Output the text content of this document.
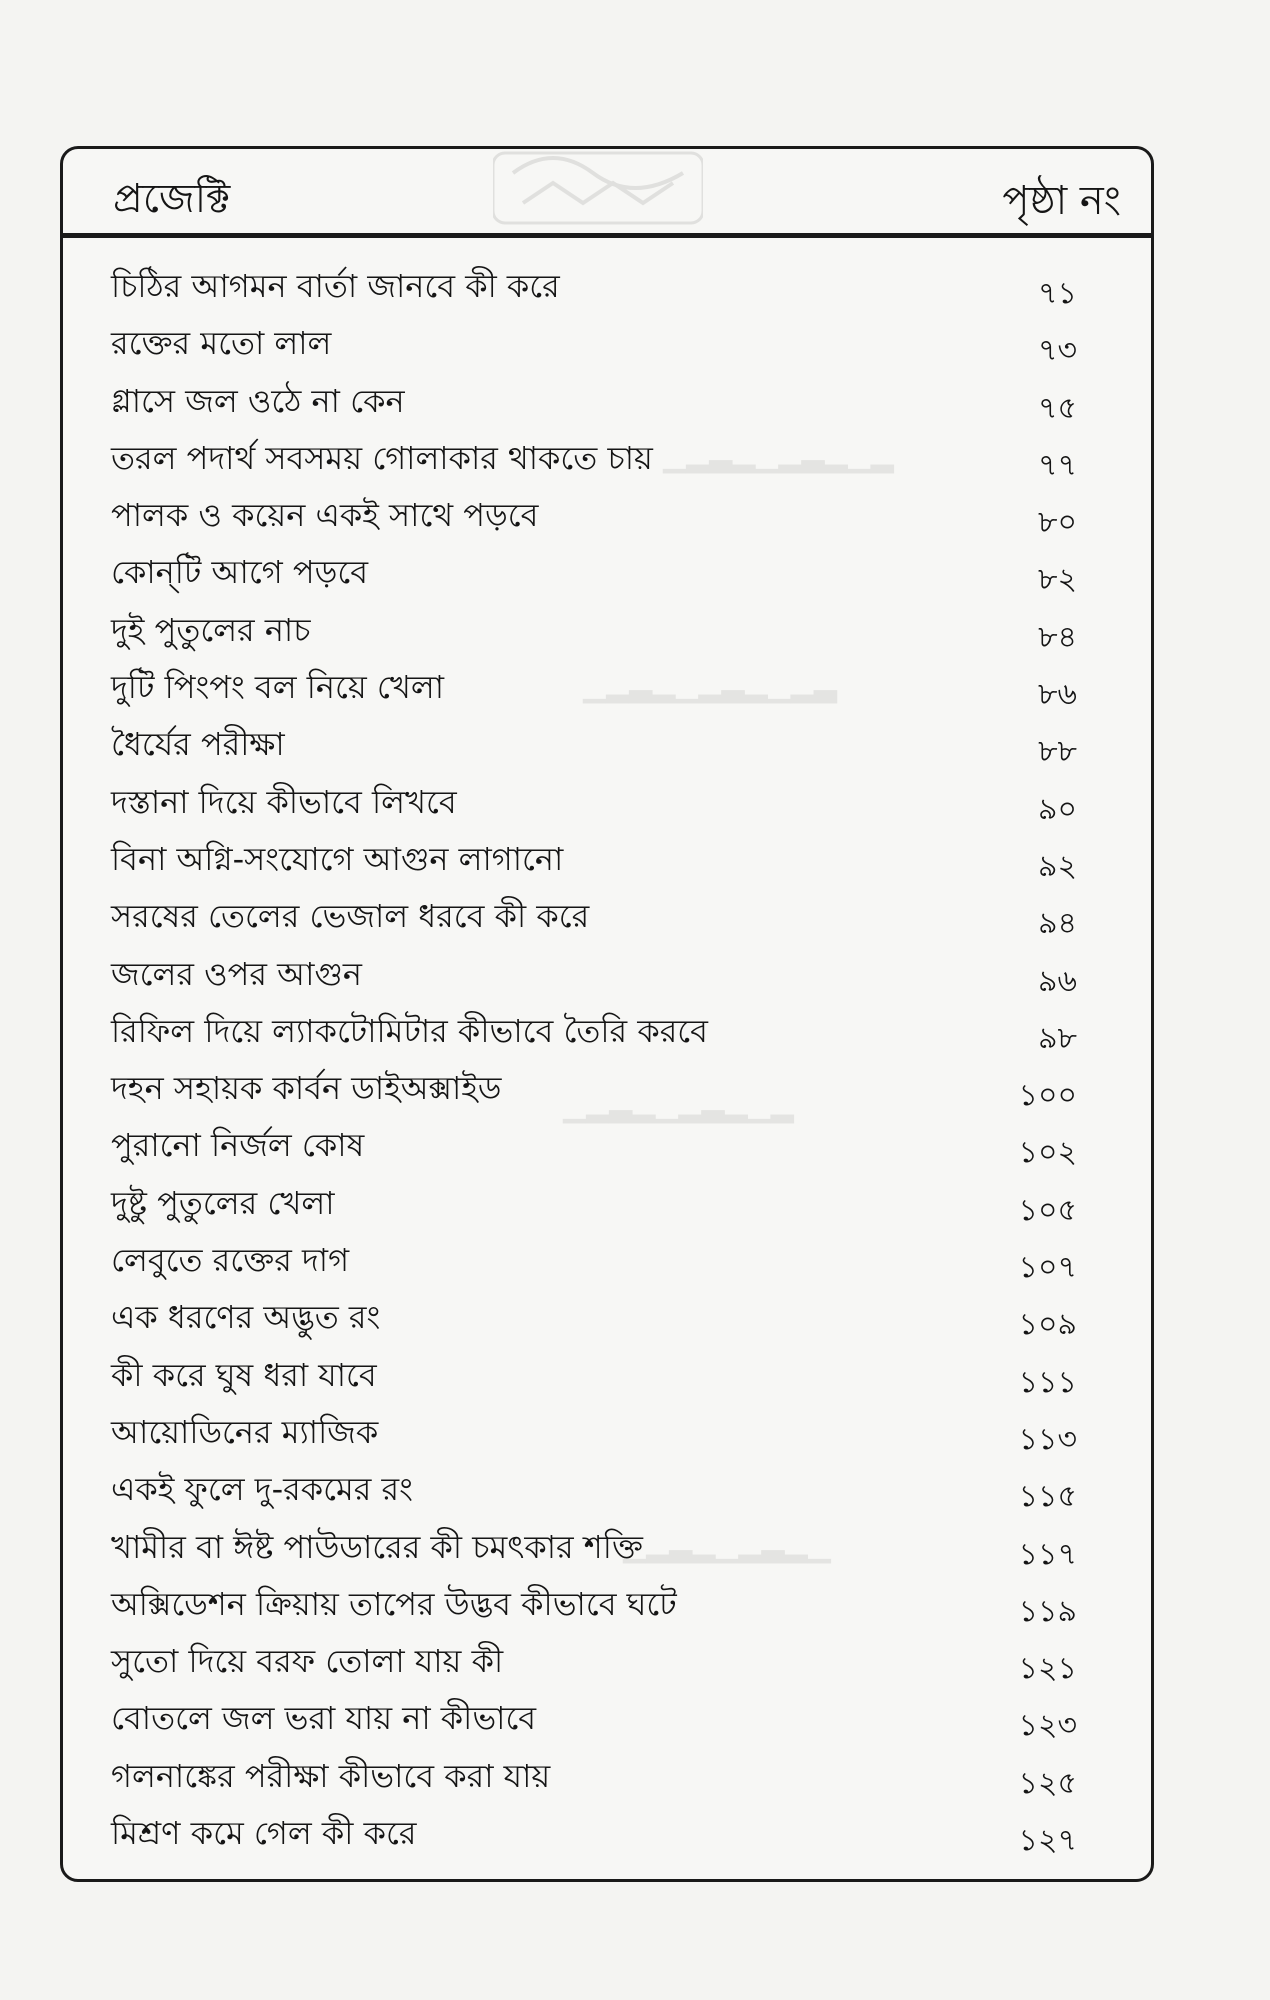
প্রজেক্টি	পৃষ্ঠা নং
▁▂▃▂▁▂▃▂▁▂
▁▂▃▂▁▂▃▂▁▂▃
▁▂▃▂▁▂▃▂▁▂
▁▂▃▂▁▂▃▂▁
চিঠির আগমন বার্তা জানবে কী করে	৭১
রক্তের মতো লাল	৭৩
গ্লাসে জল ওঠে না কেন	৭৫
তরল পদার্থ সবসময় গোলাকার থাকতে চায়	৭৭
পালক ও কয়েন একই সাথে পড়বে	৮০
কোন্‌টি আগে পড়বে	৮২
দুই পুতুলের নাচ	৮৪
দুটি পিংপং বল নিয়ে খেলা	৮৬
ধৈর্যের পরীক্ষা	৮৮
দস্তানা দিয়ে কীভাবে লিখবে	৯০
বিনা অগ্নি-সংযোগে আগুন লাগানো	৯২
সরষের তেলের ভেজাল ধরবে কী করে	৯৪
জলের ওপর আগুন	৯৬
রিফিল দিয়ে ল্যাকটোমিটার কীভাবে তৈরি করবে	৯৮
দহন সহায়ক কার্বন ডাইঅক্সাইড	১০০
পুরানো নির্জল কোষ	১০২
দুষ্টু পুতুলের খেলা	১০৫
লেবুতে রক্তের দাগ	১০৭
এক ধরণের অদ্ভুত রং	১০৯
কী করে ঘুষ ধরা যাবে	১১১
আয়োডিনের ম্যাজিক	১১৩
একই ফুলে দু-রকমের রং	১১৫
খামীর বা ঈষ্ট পাউডারের কী চমৎকার শক্তি	১১৭
অক্সিডেশন ক্রিয়ায় তাপের উদ্ভব কীভাবে ঘটে	১১৯
সুতো দিয়ে বরফ তোলা যায় কী	১২১
বোতলে জল ভরা যায় না কীভাবে	১২৩
গলনাঙ্কের পরীক্ষা কীভাবে করা যায়	১২৫
মিশ্রণ কমে গেল কী করে	১২৭
